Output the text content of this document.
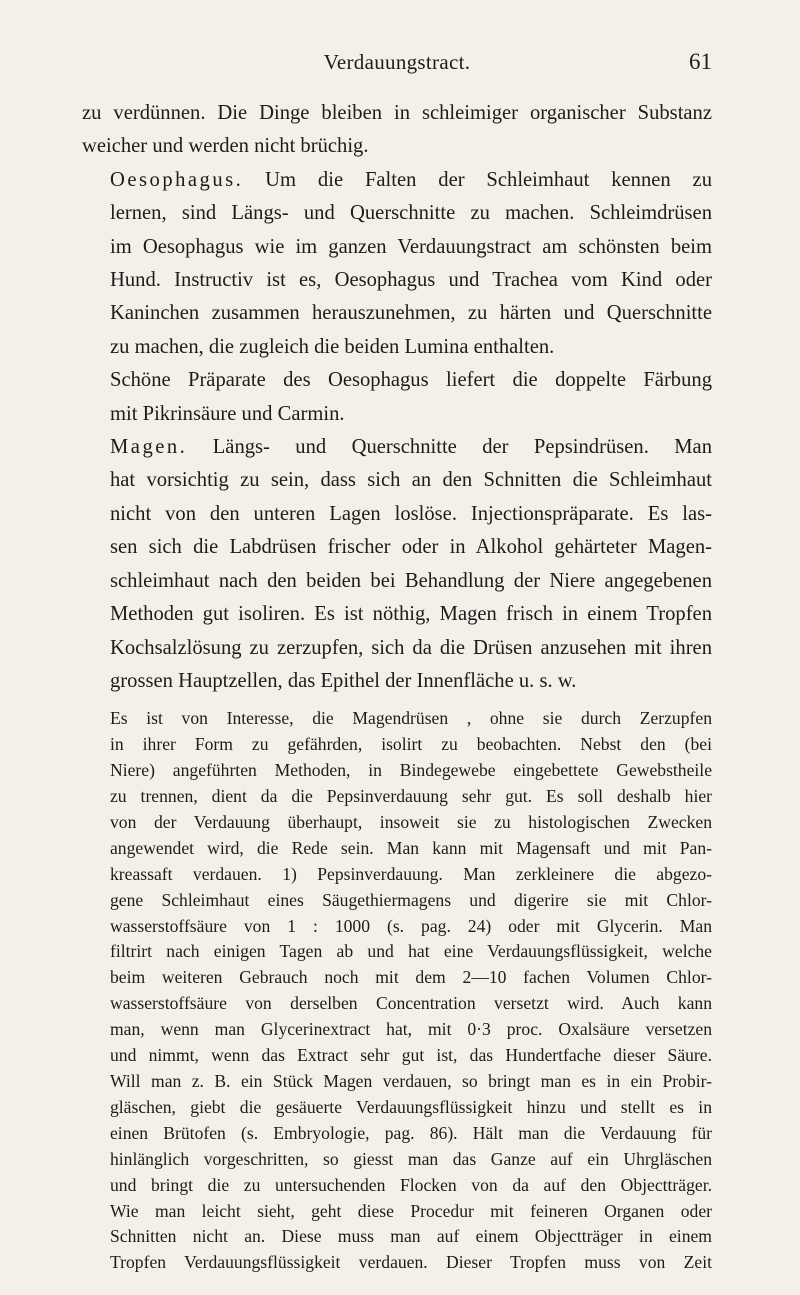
Verdauungstract.	61

zu verdünnen. Die Dinge bleiben in schleimiger organischer Substanz
weicher und werden nicht brüchig.

Oesophagus. Um die Falten der Schleimhaut kennen zu
lernen, sind Längs- und Querschnitte zu machen. Schleimdrüsen
im Oesophagus wie im ganzen Verdauungstract am schönsten beim
Hund. Instructiv ist es, Oesophagus und Trachea vom Kind oder
Kaninchen zusammen herauszunehmen, zu härten und Querschnitte
zu machen, die zugleich die beiden Lumina enthalten.

Schöne Präparate des Oesophagus liefert die doppelte Färbung
mit Pikrinsäure und Carmin.

Magen. Längs- und Querschnitte der Pepsindrüsen. Man
hat vorsichtig zu sein, dass sich an den Schnitten die Schleimhaut
nicht von den unteren Lagen loslöse. Injectionspräparate. Es las-
sen sich die Labdrüsen frischer oder in Alkohol gehärteter Magen-
schleimhaut nach den beiden bei Behandlung der Niere angegebenen
Methoden gut isoliren. Es ist nöthig, Magen frisch in einem Tropfen
Kochsalzlösung zu zerzupfen, sich da die Drüsen anzusehen mit ihren
grossen Hauptzellen, das Epithel der Innenfläche u. s. w.

Es ist von Interesse, die Magendrüsen , ohne sie durch Zerzupfen
in ihrer Form zu gefährden, isolirt zu beobachten. Nebst den (bei
Niere) angeführten Methoden, in Bindegewebe eingebettete Gewebstheile
zu trennen, dient da die Pepsinverdauung sehr gut. Es soll deshalb hier
von der Verdauung überhaupt, insoweit sie zu histologischen Zwecken
angewendet wird, die Rede sein. Man kann mit Magensaft und mit Pan-
kreassaft verdauen. 1) Pepsinverdauung. Man zerkleinere die abgezo-
gene Schleimhaut eines Säugethiermagens und digerire sie mit Chlor-
wasserstoffsäure von 1 : 1000 (s. pag. 24) oder mit Glycerin. Man
filtrirt nach einigen Tagen ab und hat eine Verdauungsflüssigkeit, welche
beim weiteren Gebrauch noch mit dem 2—10 fachen Volumen Chlor-
wasserstoffsäure von derselben Concentration versetzt wird. Auch kann
man, wenn man Glycerinextract hat, mit 0·3 proc. Oxalsäure versetzen
und nimmt, wenn das Extract sehr gut ist, das Hundertfache dieser Säure.
Will man z. B. ein Stück Magen verdauen, so bringt man es in ein Probir-
gläschen, giebt die gesäuerte Verdauungsflüssigkeit hinzu und stellt es in
einen Brütofen (s. Embryologie, pag. 86). Hält man die Verdauung für
hinlänglich vorgeschritten, so giesst man das Ganze auf ein Uhrgläschen
und bringt die zu untersuchenden Flocken von da auf den Objectträger.
Wie man leicht sieht, geht diese Procedur mit feineren Organen oder
Schnitten nicht an. Diese muss man auf einem Objectträger in einem
Tropfen Verdauungsflüssigkeit verdauen. Dieser Tropfen muss von Zeit
